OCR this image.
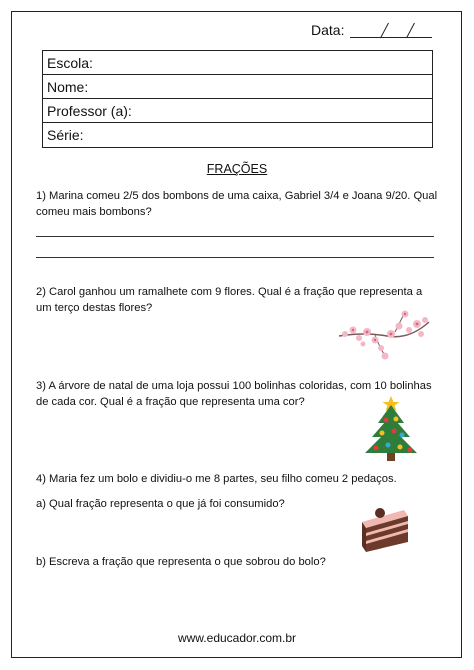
Data:
Escola:
Nome:
Professor (a):
Série:
FRAÇÕES
1) Marina comeu 2/5 dos bombons de uma caixa, Gabriel 3/4 e Joana 9/20. Qual comeu mais bombons?
2) Carol ganhou um ramalhete com 9 flores. Qual é a fração que representa a um terço destas flores?
3) A árvore de natal de uma loja possui 100 bolinhas coloridas, com 10 bolinhas de cada cor. Qual é a fração que representa uma cor?
4) Maria fez um bolo e dividiu-o me 8 partes, seu filho comeu 2 pedaços.
a) Qual fração representa o que já foi consumido?
b) Escreva a fração que representa o que sobrou do bolo?
www.educador.com.br
